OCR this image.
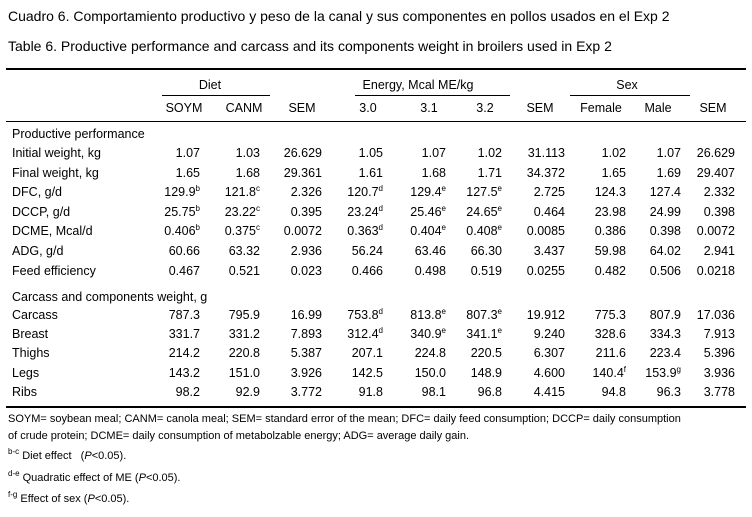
Cuadro 6. Comportamiento productivo y peso de la canal y sus componentes en pollos usados en el Exp 2
Table 6. Productive performance and carcass and its components weight in broilers used in Exp 2
Diet	Energy, Mcal ME/kg	Sex
SOYM CANM SEM	3.0	3.1	3.2	SEM Female Male SEM
Productive performance
Initial weight, kg	1.07	1.03 26.629	1.05	1.07	1.02 31.113	1.02 1.07 26.629
Final weight, kg	1.65	1.68 29.361	1.61	1.68	1.71 34.372	1.65 1.69 29.407
DFC, g/d	129.9$^b$ 121.8$^c$ 2.326 120.7$^d$ 129.4e 127.5e	2.725 124.3 127.4 2.332
DCCP, g/d	25.75$^b$ 23.22$^c$ 0.395 23.24$^d$ 25.46e 24.65e	0.464 23.98 24.99 0.398
DCME, Mcal/d	0.406$^b$ 0.375$^c$ 0.0072 0.363$^d$ 0.404e 0.408e 0.0085 0.386 0.398 0.0072
ADG, g/d	60.66 63.32 2.936 56.24	63.46 66.30	3.437 59.98 64.02 2.941
Feed efficiency	0.467 0.521 0.023 0.466	0.498 0.519 0.0255 0.482 0.506 0.0218
Carcass and components weight, g
Carcass	787.3 795.9 16.99 753.8$^d$ 813.8e 807.3e 19.912 775.3 807.9 17.036
Breast	331.7 331.2 7.893 312.4$^d$ 340.9e 341.1e	9.240 328.6 334.3 7.913
Thighs	214.2 220.8 5.387 207.1	224.8 220.5	6.307 211.6 223.4 5.396
Legs	143.2 151.0 3.926 142.5	150.0 148.9	4.600 140.4$^f$ 153.9$^g$ 3.936
Ribs	98.2	92.9 3.772	91.8	98.1	96.8	4.415	94.8 96.3 3.778
SOYM= soybean meal; CANM= canola meal; SEM= standard error of the mean; DFC= daily feed consumption; DCCP= daily consumption
of crude protein; DCME= daily consumption of metabolzable energy; ADG= average daily gain.
$^{b-c}$ Diet effect   (P<0.05).
$^{d-e}$ Quadratic effect of ME (P<0.05).
$^{f-g}$ Effect of sex (P<0.05).
